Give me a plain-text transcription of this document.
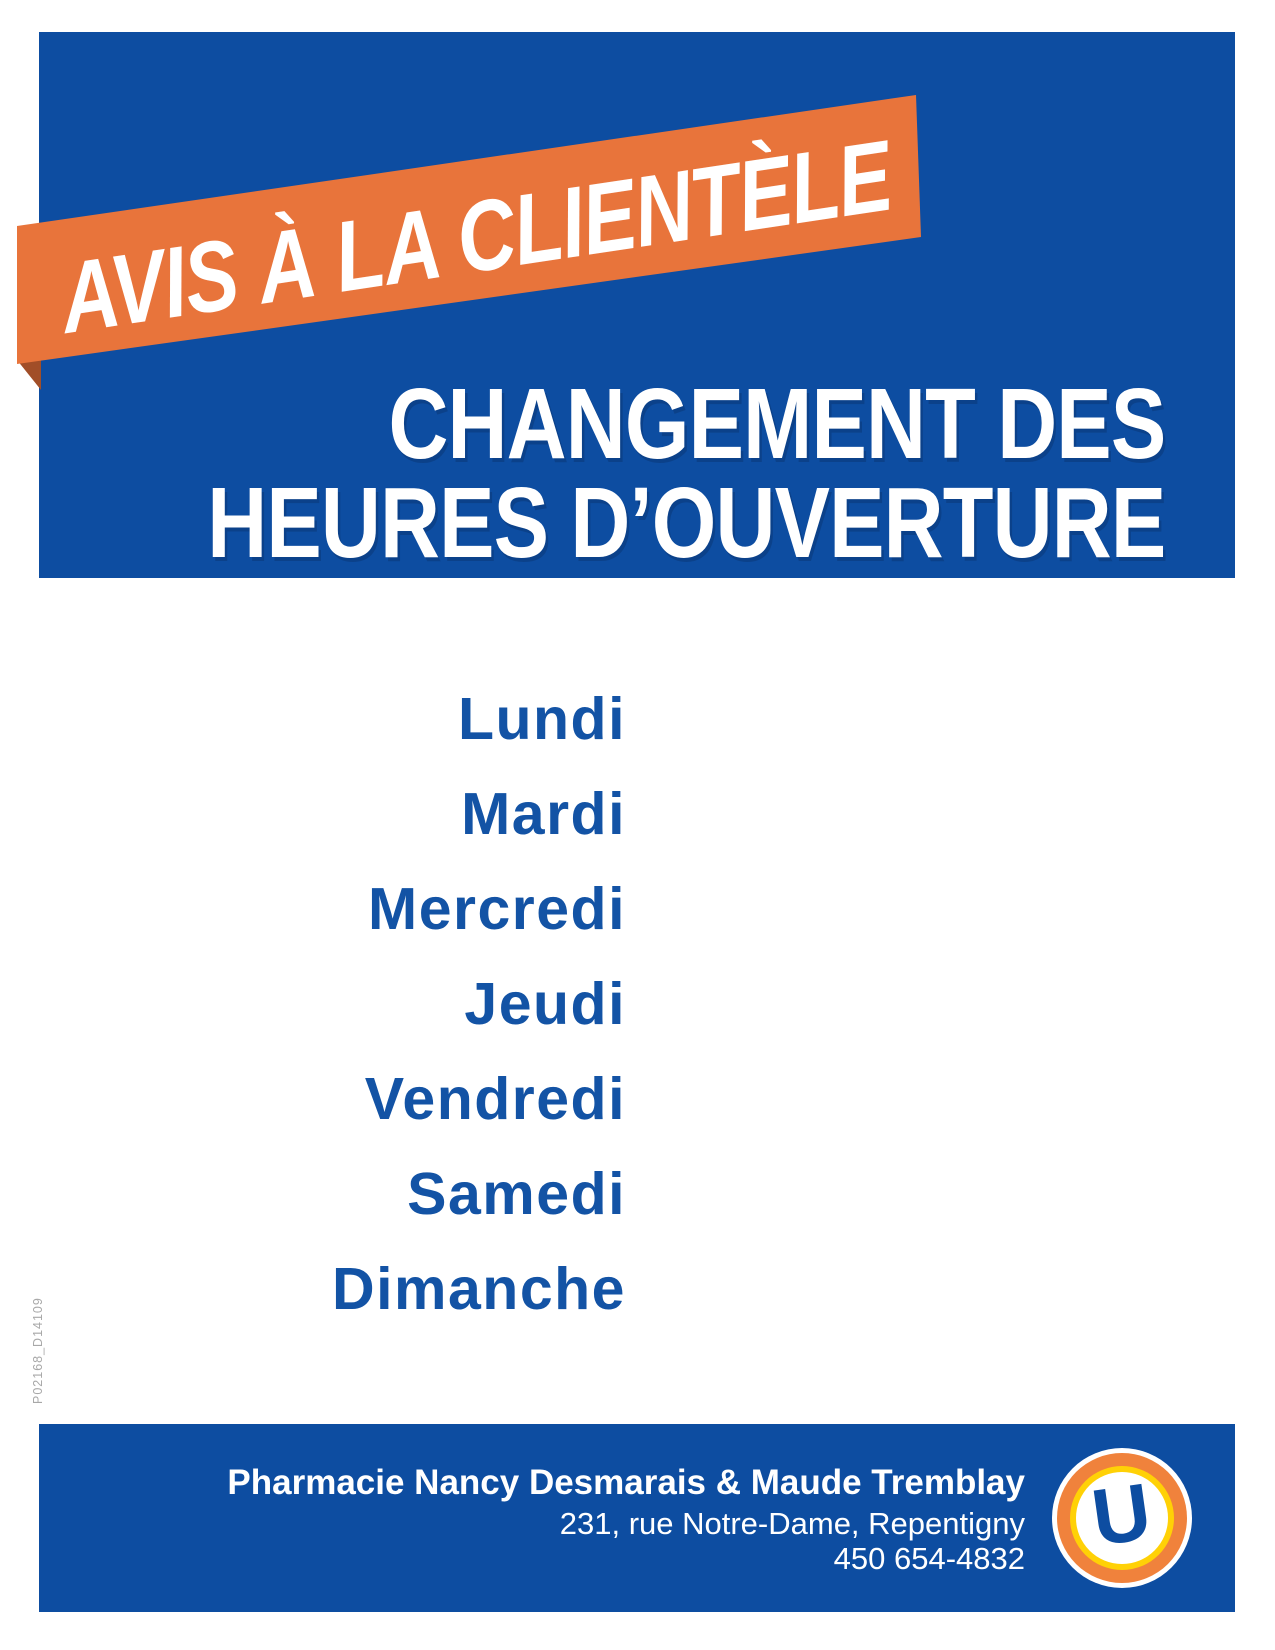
AVIS À LA CLIENTÈLE
CHANGEMENT DES
HEURES D’OUVERTURE
Lundi
Mardi
Mercredi
Jeudi
Vendredi
Samedi
Dimanche
P02168_D14109
Pharmacie Nancy Desmarais & Maude Tremblay
231, rue Notre-Dame, Repentigny
450 654-4832 U
